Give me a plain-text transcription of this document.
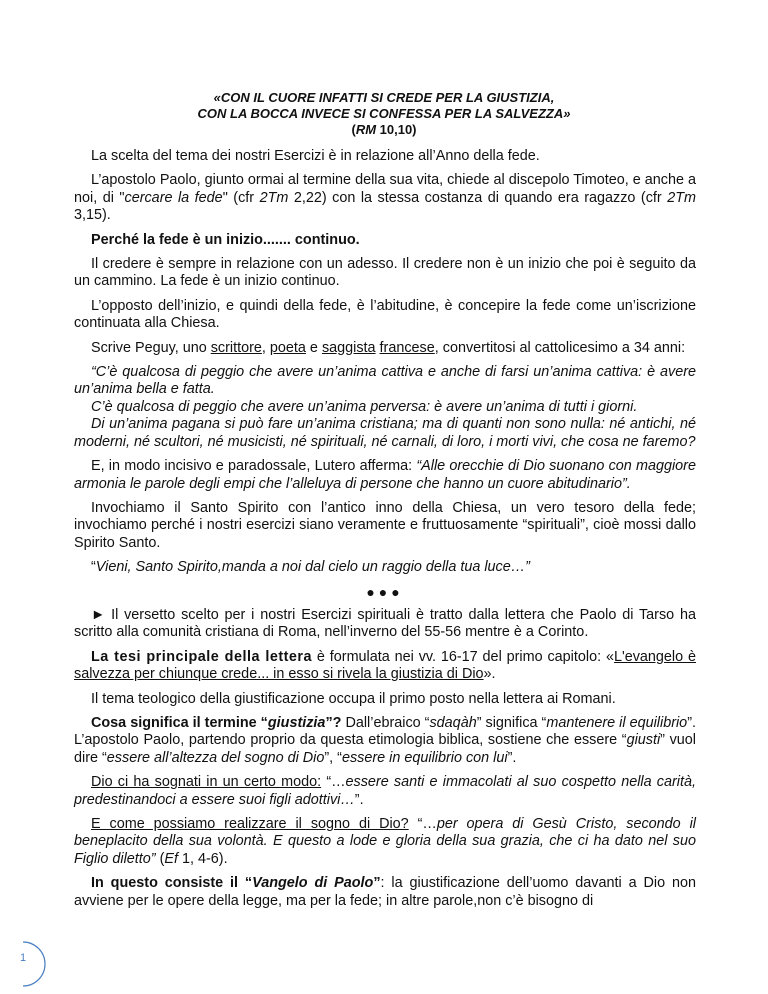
«CON IL CUORE INFATTI SI CREDE PER LA GIUSTIZIA,
CON LA BOCCA INVECE SI CONFESSA PER LA SALVEZZA»
(RM 10,10)

La scelta del tema dei nostri Esercizi è in relazione all’Anno della fede.

L’apostolo Paolo, giunto ormai al termine della sua vita, chiede al discepolo Timoteo, e anche a noi, di "cercare la fede" (cfr 2Tm 2,22) con la stessa costanza di quando era ragazzo (cfr 2Tm 3,15).

Perché la fede è un inizio....... continuo.

Il credere è sempre in relazione con un adesso. Il credere non è un inizio che poi è seguito da un cammino. La fede è un inizio continuo.

L’opposto dell’inizio, e quindi della fede, è l’abitudine, è concepire la fede come un’iscrizione continuata alla Chiesa.

Scrive Peguy, uno scrittore, poeta e saggista francese, convertitosi al cattolicesimo a 34 anni:

“C’è qualcosa di peggio che avere un’anima cattiva e anche di farsi un’anima cattiva: è avere un’anima bella e fatta.
C’è qualcosa di peggio che avere un’anima perversa: è avere un’anima di tutti i giorni.
Di un’anima pagana si può fare un’anima cristiana; ma di quanti non sono nulla: né antichi, né moderni, né scultori, né musicisti, né spirituali, né carnali, di loro, i morti vivi, che cosa ne faremo?

E, in modo incisivo e paradossale, Lutero afferma: “Alle orecchie di Dio suonano con maggiore armonia le parole degli empi che l’alleluya di persone che hanno un cuore abitudinario”.

Invochiamo il Santo Spirito con l’antico inno della Chiesa, un vero tesoro della fede; invochiamo perché i nostri esercizi siano veramente e fruttuosamente “spirituali”, cioè mossi dallo Spirito Santo.

“Vieni, Santo Spirito,manda a noi dal cielo un raggio della tua luce…”

●●●

► Il versetto scelto per i nostri Esercizi spirituali è tratto dalla lettera che Paolo di Tarso ha scritto alla comunità cristiana di Roma, nell’inverno del 55-56 mentre è a Corinto.

La tesi principale della lettera è formulata nei vv. 16-17 del primo capitolo: «L'evangelo è salvezza per chiunque crede... in esso si rivela la giustizia di Dio».

Il tema teologico della giustificazione occupa il primo posto nella lettera ai Romani.

Cosa significa il termine “giustizia”? Dall’ebraico “sdaqàh” significa “mantenere il equilibrio”. L’apostolo Paolo, partendo proprio da questa etimologia biblica, sostiene che essere “giusti” vuol dire “essere all’altezza del sogno di Dio”, “essere in equilibrio con lui”.

Dio ci ha sognati in un certo modo: “…essere santi e immacolati al suo cospetto nella carità, predestinandoci a essere suoi figli adottivi…”.

E come possiamo realizzare il sogno di Dio? “…per opera di Gesù Cristo, secondo il beneplacito della sua volontà. E questo a lode e gloria della sua grazia, che ci ha dato nel suo Figlio diletto” (Ef 1, 4-6).

In questo consiste il “Vangelo di Paolo”: la giustificazione dell’uomo davanti a Dio non avviene per le opere della legge, ma per la fede; in altre parole,non c’è bisogno di

1
